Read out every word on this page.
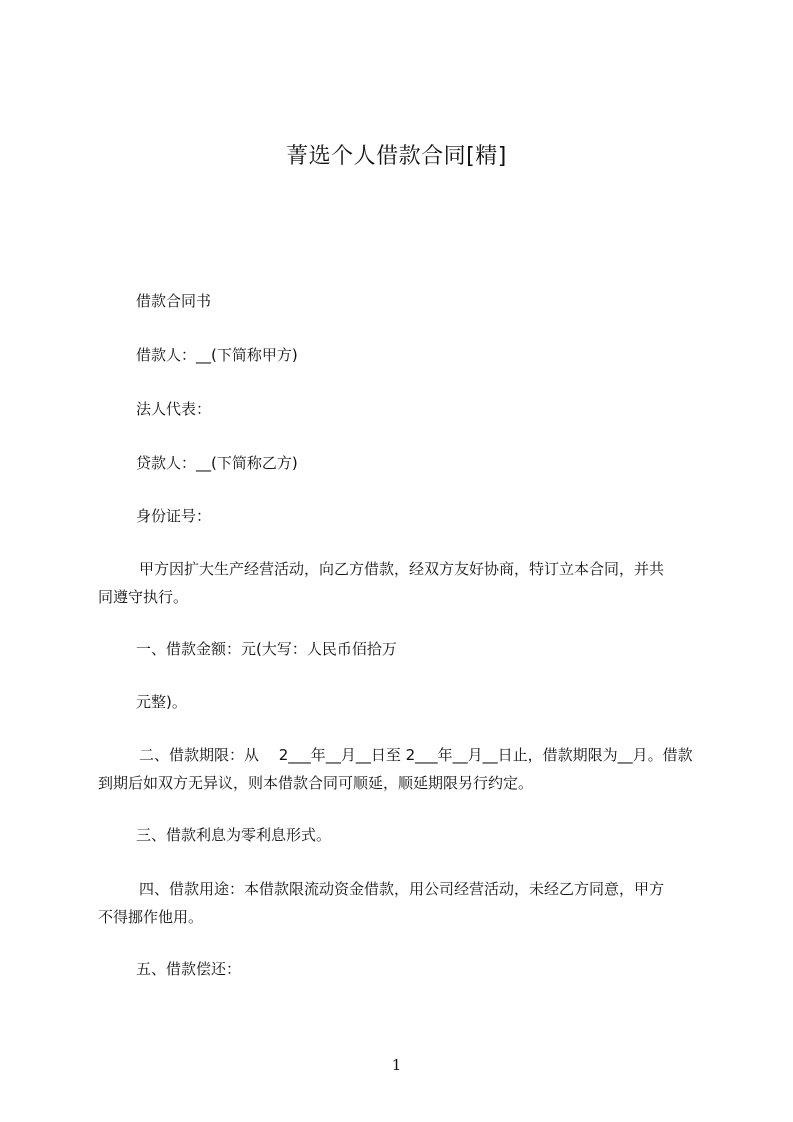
菁选个人借款合同[精]
借款合同书
借款人：__(下简称甲方)
法人代表：
贷款人：__(下简称乙方)
身份证号：
甲方因扩大生产经营活动，向乙方借款，经双方友好协商，特订立本合同，并共
同遵守执行。
一、借款金额：元(大写：人民币佰拾万
元整)。
二、借款期限：从　 2___年__月__日至 2___年__月__日止，借款期限为__月。借款
到期后如双方无异议，则本借款合同可顺延，顺延期限另行约定。
三、借款利息为零利息形式。
四、借款用途：本借款限流动资金借款，用公司经营活动，未经乙方同意，甲方
不得挪作他用。
五、借款偿还：
1
